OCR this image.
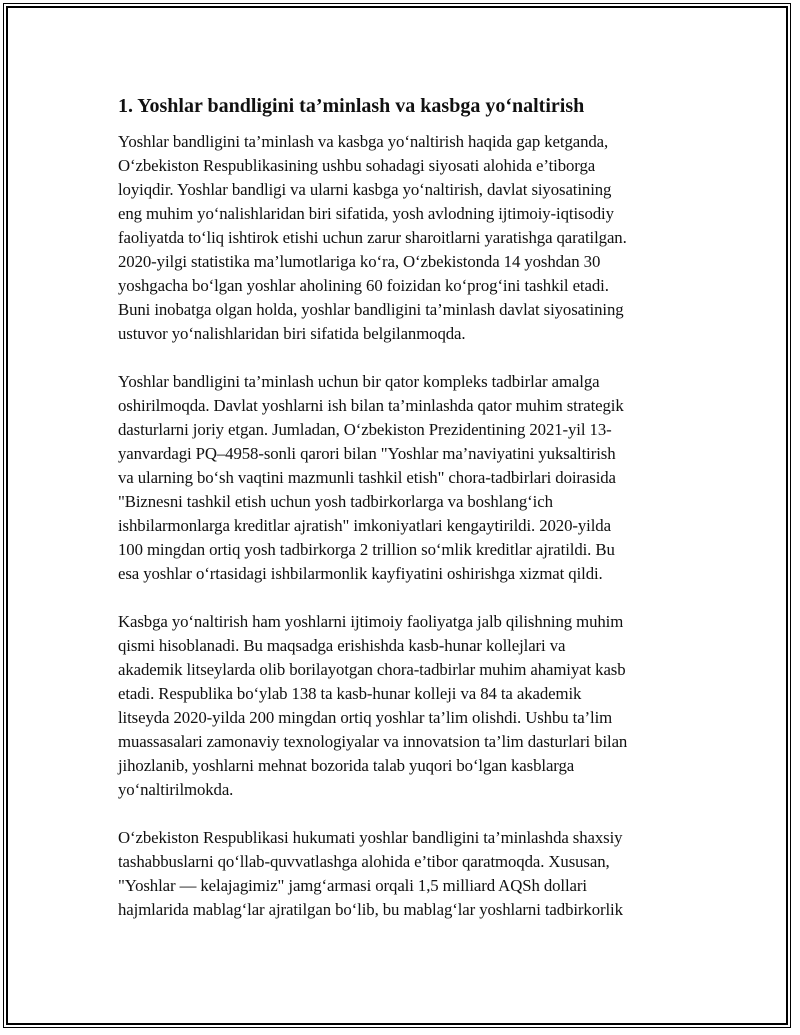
1. Yoshlar bandligini ta’minlash va kasbga yo‘naltirish

Yoshlar bandligini ta’minlash va kasbga yo‘naltirish haqida gap ketganda,
O‘zbekiston Respublikasining ushbu sohadagi siyosati alohida e’tiborga
loyiqdir. Yoshlar bandligi va ularni kasbga yo‘naltirish, davlat siyosatining
eng muhim yo‘nalishlaridan biri sifatida, yosh avlodning ijtimoiy-iqtisodiy
faoliyatda to‘liq ishtirok etishi uchun zarur sharoitlarni yaratishga qaratilgan.
2020-yilgi statistika ma’lumotlariga ko‘ra, O‘zbekistonda 14 yoshdan 30
yoshgacha bo‘lgan yoshlar aholining 60 foizidan ko‘prog‘ini tashkil etadi.
Buni inobatga olgan holda, yoshlar bandligini ta’minlash davlat siyosatining
ustuvor yo‘nalishlaridan biri sifatida belgilanmoqda.

Yoshlar bandligini ta’minlash uchun bir qator kompleks tadbirlar amalga
oshirilmoqda. Davlat yoshlarni ish bilan ta’minlashda qator muhim strategik
dasturlarni joriy etgan. Jumladan, O‘zbekiston Prezidentining 2021-yil 13-
yanvardagi PQ–4958-sonli qarori bilan "Yoshlar ma’naviyatini yuksaltirish
va ularning bo‘sh vaqtini mazmunli tashkil etish" chora-tadbirlari doirasida
"Biznesni tashkil etish uchun yosh tadbirkorlarga va boshlang‘ich
ishbilarmonlarga kreditlar ajratish" imkoniyatlari kengaytirildi. 2020-yilda
100 mingdan ortiq yosh tadbirkorga 2 trillion so‘mlik kreditlar ajratildi. Bu
esa yoshlar o‘rtasidagi ishbilarmonlik kayfiyatini oshirishga xizmat qildi.

Kasbga yo‘naltirish ham yoshlarni ijtimoiy faoliyatga jalb qilishning muhim
qismi hisoblanadi. Bu maqsadga erishishda kasb-hunar kollejlari va
akademik litseylarda olib borilayotgan chora-tadbirlar muhim ahamiyat kasb
etadi. Respublika bo‘ylab 138 ta kasb-hunar kolleji va 84 ta akademik
litseyda 2020-yilda 200 mingdan ortiq yoshlar ta’lim olishdi. Ushbu ta’lim
muassasalari zamonaviy texnologiyalar va innovatsion ta’lim dasturlari bilan
jihozlanib, yoshlarni mehnat bozorida talab yuqori bo‘lgan kasblarga
yo‘naltirilmokda.

O‘zbekiston Respublikasi hukumati yoshlar bandligini ta’minlashda shaxsiy
tashabbuslarni qo‘llab-quvvatlashga alohida e’tibor qaratmoqda. Xususan,
"Yoshlar — kelajagimiz" jamg‘armasi orqali 1,5 milliard AQSh dollari
hajmlarida mablag‘lar ajratilgan bo‘lib, bu mablag‘lar yoshlarni tadbirkorlik
